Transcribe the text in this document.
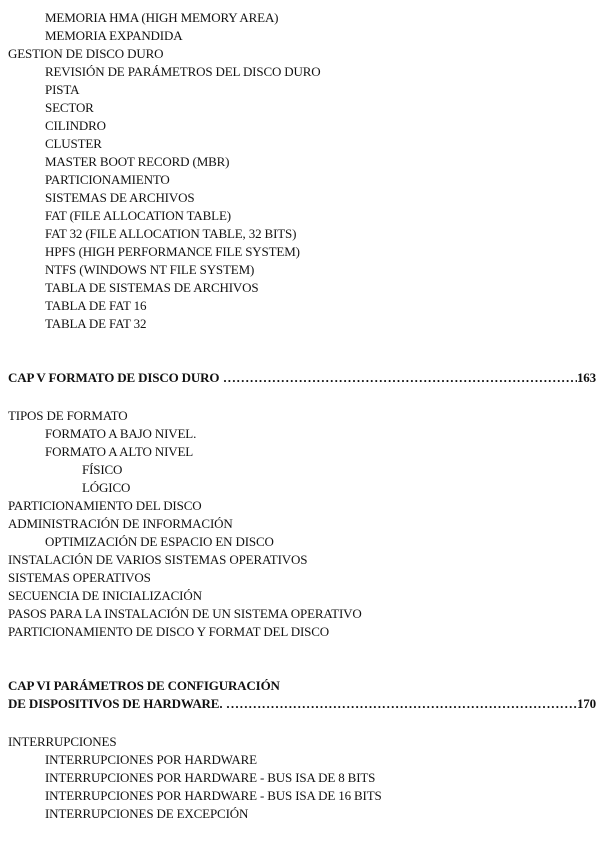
MEMORIA HMA (HIGH MEMORY AREA)
MEMORIA EXPANDIDA
GESTION DE DISCO DURO
REVISIÓN DE PARÁMETROS DEL DISCO DURO
PISTA
SECTOR
CILINDRO
CLUSTER
MASTER BOOT RECORD (MBR)
PARTICIONAMIENTO
SISTEMAS DE ARCHIVOS
FAT (FILE ALLOCATION TABLE)
FAT 32 (FILE ALLOCATION TABLE, 32 BITS)
HPFS (HIGH PERFORMANCE FILE SYSTEM)
NTFS (WINDOWS NT FILE SYSTEM)
TABLA DE SISTEMAS DE ARCHIVOS
TABLA DE FAT 16
TABLA DE FAT 32
CAP V FORMATO DE DISCO DURO .....	163
TIPOS DE FORMATO
FORMATO A BAJO NIVEL.
FORMATO A ALTO NIVEL
FÍSICO
LÓGICO
PARTICIONAMIENTO DEL DISCO
ADMINISTRACIÓN DE INFORMACIÓN
OPTIMIZACIÓN DE ESPACIO EN DISCO
INSTALACIÓN DE VARIOS SISTEMAS OPERATIVOS
SISTEMAS OPERATIVOS
SECUENCIA DE INICIALIZACIÓN
PASOS PARA LA INSTALACIÓN DE UN SISTEMA OPERATIVO
PARTICIONAMIENTO DE DISCO Y FORMAT DEL DISCO
CAP VI PARÁMETROS DE CONFIGURACIÓN
DE DISPOSITIVOS DE HARDWARE. .....	170
INTERRUPCIONES
INTERRUPCIONES POR HARDWARE
INTERRUPCIONES POR HARDWARE - BUS ISA DE 8 BITS
INTERRUPCIONES POR HARDWARE - BUS ISA DE 16 BITS
INTERRUPCIONES DE EXCEPCIÓN
